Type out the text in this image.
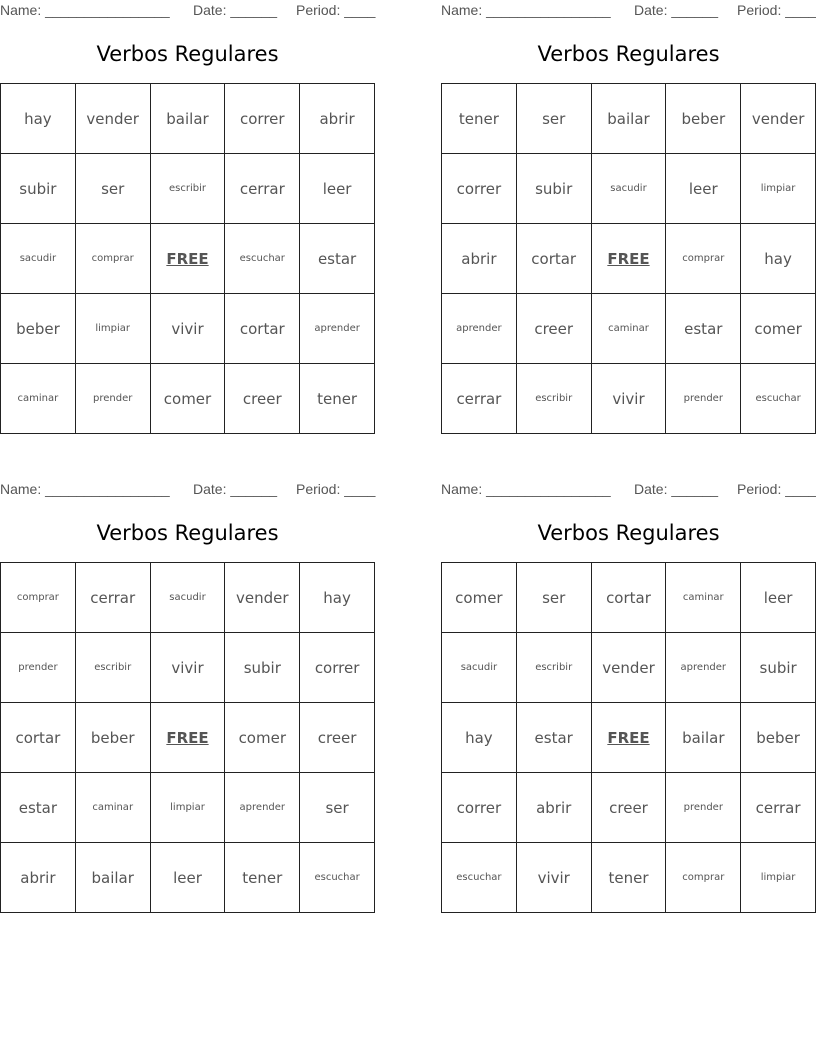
Name: ________________ Date: ______ Period: ____
Verbos Regulares
hay	vender	bailar	correr	abrir
subir	ser	escribir	cerrar	leer
sacudir	comprar	FREE	escuchar	estar
beber	limpiar	vivir	cortar	aprender
caminar	prender	comer	creer	tener
Name: ________________ Date: ______ Period: ____
Verbos Regulares
tener	ser	bailar	beber	vender
correr	subir	sacudir	leer	limpiar
abrir	cortar	FREE	comprar	hay
aprender	creer	caminar	estar	comer
cerrar	escribir	vivir	prender	escuchar
Name: ________________ Date: ______ Period: ____
Verbos Regulares
comprar	cerrar	sacudir	vender	hay
prender	escribir	vivir	subir	correr
cortar	beber	FREE	comer	creer
estar	caminar	limpiar	aprender	ser
abrir	bailar	leer	tener	escuchar
Name: ________________ Date: ______ Period: ____
Verbos Regulares
comer	ser	cortar	caminar	leer
sacudir	escribir	vender	aprender	subir
hay	estar	FREE	bailar	beber
correr	abrir	creer	prender	cerrar
escuchar	vivir	tener	comprar	limpiar
